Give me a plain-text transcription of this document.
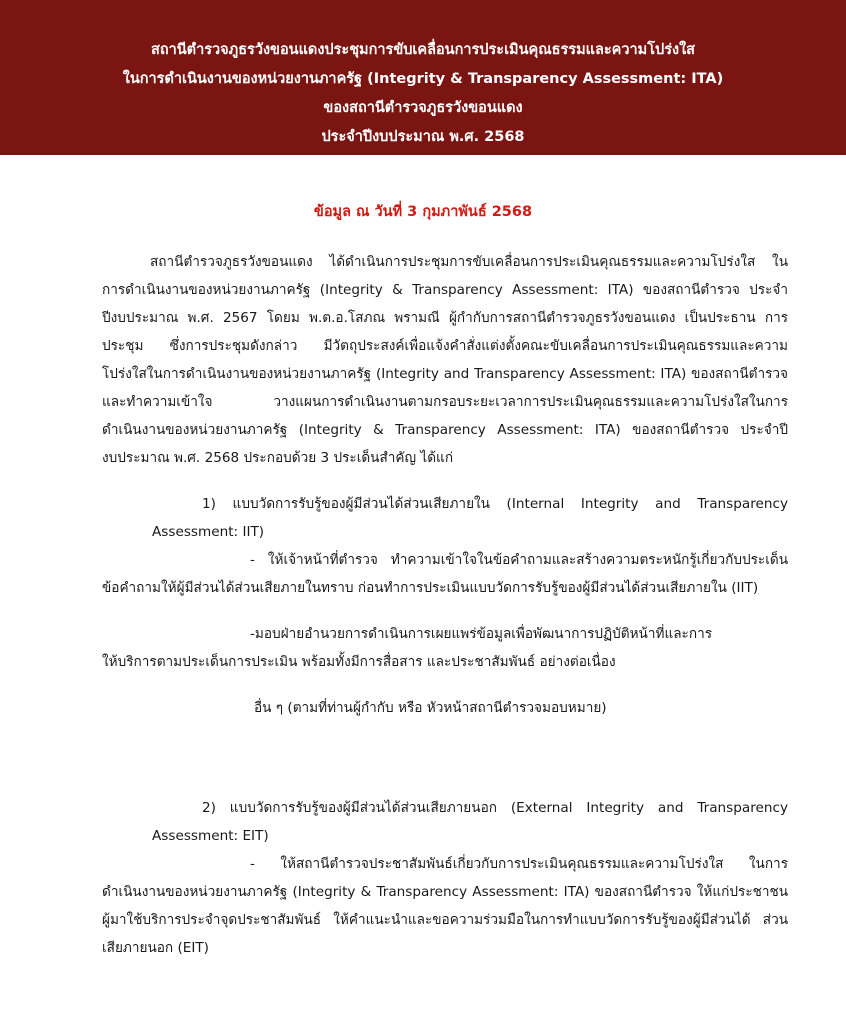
สถานีตำรวจภูธรวังขอนแดงประชุมการขับเคลื่อนการประเมินคุณธรรมและความโปร่งใส
ในการดำเนินงานของหน่วยงานภาครัฐ (Integrity & Transparency Assessment: ITA)
ของสถานีตำรวจภูธรวังขอนแดง
ประจำปีงบประมาณ พ.ศ. 2568
ข้อมูล ณ วันที่ 3 กุมภาพันธ์ 2568
สถานีตำรวจภูธรวังขอนแดง ได้ดำเนินการประชุมการขับเคลื่อนการประเมินคุณธรรมและความโปร่งใส ใน
การดำเนินงานของหน่วยงานภาครัฐ (Integrity & Transparency Assessment: ITA) ของสถานีตำรวจ ประจำ
ปีงบประมาณ พ.ศ. 2567 โดยม พ.ต.อ.โสภณ พรามณี ผู้กำกับการสถานีตำรวจภูธรวังขอนแดง เป็นประธาน การ
ประชุม ซึ่งการประชุมดังกล่าว มีวัตถุประสงค์เพื่อแจ้งคำสั่งแต่งตั้งคณะขับเคลื่อนการประเมินคุณธรรมและความ
โปร่งใสในการดำเนินงานของหน่วยงานภาครัฐ (Integrity and Transparency Assessment: ITA) ของสถานีตำรวจ
และทำความเข้าใจ วางแผนการดำเนินงานตามกรอบระยะเวลาการประเมินคุณธรรมและความโปร่งใสในการ
ดำเนินงานของหน่วยงานภาครัฐ (Integrity & Transparency Assessment: ITA) ของสถานีตำรวจ ประจำปี
งบประมาณ พ.ศ. 2568 ประกอบด้วย 3 ประเด็นสำคัญ ได้แก่
1) แบบวัดการรับรู้ของผู้มีส่วนได้ส่วนเสียภายใน (Internal Integrity and Transparency
Assessment: IIT)
- ให้เจ้าหน้าที่ตำรวจ ทำความเข้าใจในข้อคำถามและสร้างความตระหนักรู้เกี่ยวกับประเด็น
ข้อคำถามให้ผู้มีส่วนได้ส่วนเสียภายในทราบ ก่อนทำการประเมินแบบวัดการรับรู้ของผู้มีส่วนได้ส่วนเสียภายใน (IIT)
-มอบฝ่ายอำนวยการดำเนินการเผยแพร่ข้อมูลเพื่อพัฒนาการปฏิบัติหน้าที่และการ
ให้บริการตามประเด็นการประเมิน พร้อมทั้งมีการสื่อสาร และประชาสัมพันธ์ อย่างต่อเนื่อง
อื่น ๆ (ตามที่ท่านผู้กำกับ หรือ หัวหน้าสถานีตำรวจมอบหมาย)
2) แบบวัดการรับรู้ของผู้มีส่วนได้ส่วนเสียภายนอก (External Integrity and Transparency
Assessment: EIT)
- ให้สถานีตำรวจประชาสัมพันธ์เกี่ยวกับการประเมินคุณธรรมและความโปร่งใส ในการ
ดำเนินงานของหน่วยงานภาครัฐ (Integrity & Transparency Assessment: ITA) ของสถานีตำรวจ ให้แก่ประชาชน
ผู้มาใช้บริการประจำจุดประชาสัมพันธ์ ให้คำแนะนำและขอความร่วมมือในการทำแบบวัดการรับรู้ของผู้มีส่วนได้ ส่วน
เสียภายนอก (EIT)
